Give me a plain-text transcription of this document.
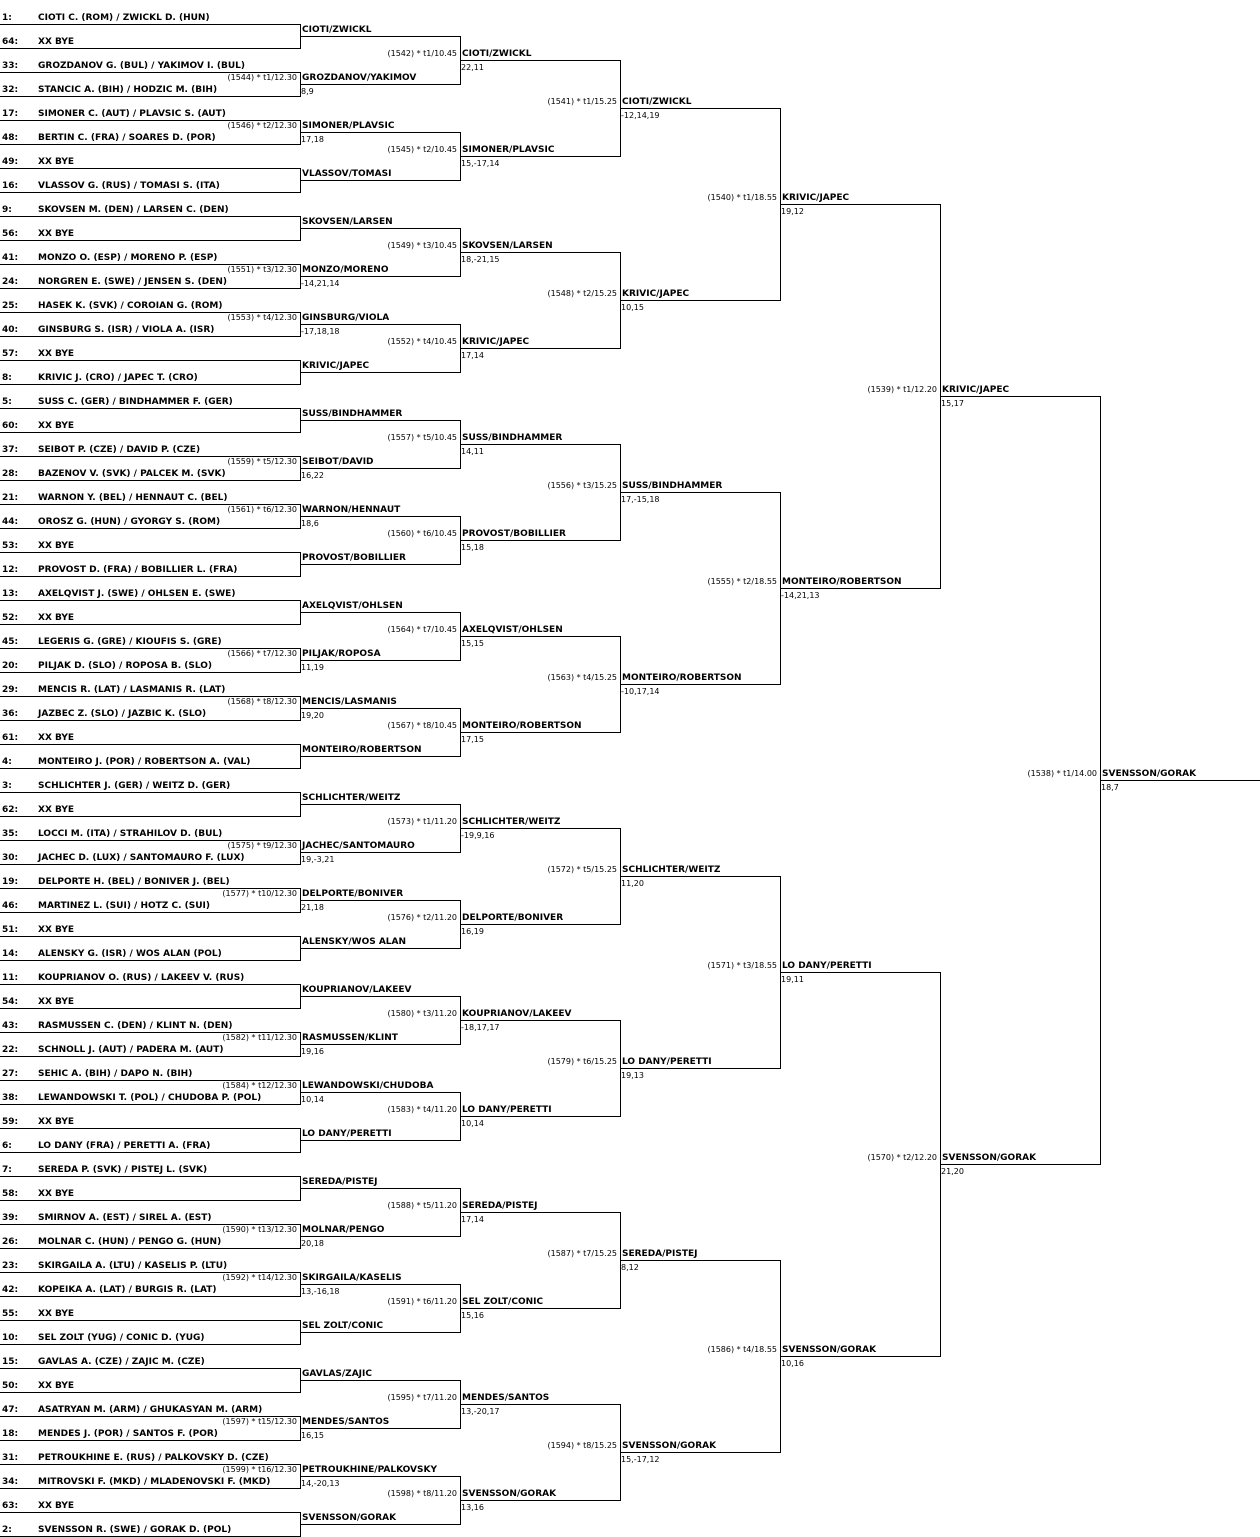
1:	CIOTI C. (ROM) / ZWICKL D. (HUN)
64: XX BYE
33: GROZDANOV G. (BUL) / YAKIMOV I. (BUL)
32: STANCIC A. (BIH) / HODZIC M. (BIH)
17: SIMONER C. (AUT) / PLAVSIC S. (AUT)
48: BERTIN C. (FRA) / SOARES D. (POR)
49: XX BYE
16: VLASSOV G. (RUS) / TOMASI S. (ITA)
9:	SKOVSEN M. (DEN) / LARSEN C. (DEN)
56: XX BYE
41: MONZO O. (ESP) / MORENO P. (ESP)
24: NORGREN E. (SWE) / JENSEN S. (DEN)
25: HASEK K. (SVK) / COROIAN G. (ROM)
40: GINSBURG S. (ISR) / VIOLA A. (ISR)
57: XX BYE
8:	KRIVIC J. (CRO) / JAPEC T. (CRO)
5:	SUSS C. (GER) / BINDHAMMER F. (GER)
60: XX BYE
37: SEIBOT P. (CZE) / DAVID P. (CZE)
28: BAZENOV V. (SVK) / PALCEK M. (SVK)
21: WARNON Y. (BEL) / HENNAUT C. (BEL)
44: OROSZ G. (HUN) / GYORGY S. (ROM)
53: XX BYE
12: PROVOST D. (FRA) / BOBILLIER L. (FRA)
13: AXELQVIST J. (SWE) / OHLSEN E. (SWE)
52: XX BYE
45: LEGERIS G. (GRE) / KIOUFIS S. (GRE)
20: PILJAK D. (SLO) / ROPOSA B. (SLO)
29: MENCIS R. (LAT) / LASMANIS R. (LAT)
36: JAZBEC Z. (SLO) / JAZBIC K. (SLO)
61: XX BYE
4:	MONTEIRO J. (POR) / ROBERTSON A. (VAL)
3:	SCHLICHTER J. (GER) / WEITZ D. (GER)
62: XX BYE
35: LOCCI M. (ITA) / STRAHILOV D. (BUL)
30: JACHEC D. (LUX) / SANTOMAURO F. (LUX)
19: DELPORTE H. (BEL) / BONIVER J. (BEL)
46: MARTINEZ L. (SUI) / HOTZ C. (SUI)
51: XX BYE
14: ALENSKY G. (ISR) / WOS ALAN (POL)
11: KOUPRIANOV O. (RUS) / LAKEEV V. (RUS)
54: XX BYE
43: RASMUSSEN C. (DEN) / KLINT N. (DEN)
22: SCHNOLL J. (AUT) / PADERA M. (AUT)
27: SEHIC A. (BIH) / DAPO N. (BIH)
38: LEWANDOWSKI T. (POL) / CHUDOBA P. (POL)
59: XX BYE
6:	LO DANY (FRA) / PERETTI A. (FRA)
7:	SEREDA P. (SVK) / PISTEJ L. (SVK)
58: XX BYE
39: SMIRNOV A. (EST) / SIREL A. (EST)
26: MOLNAR C. (HUN) / PENGO G. (HUN)
23: SKIRGAILA A. (LTU) / KASELIS P. (LTU)
42: KOPEIKA A. (LAT) / BURGIS R. (LAT)
55: XX BYE
10: SEL ZOLT (YUG) / CONIC D. (YUG)
15: GAVLAS A. (CZE) / ZAJIC M. (CZE)
50: XX BYE
47: ASATRYAN M. (ARM) / GHUKASYAN M. (ARM)
18: MENDES J. (POR) / SANTOS F. (POR)
31: PETROUKHINE E. (RUS) / PALKOVSKY D. (CZE)
34: MITROVSKI F. (MKD) / MLADENOVSKI F. (MKD)
63: XX BYE
2:	SVENSSON R. (SWE) / GORAK D. (POL)
CIOTI/ZWICKL
GROZDANOV/YAKIMOV
8,9
(1544) * t1/12.30
SIMONER/PLAVSIC
17,18
(1546) * t2/12.30
VLASSOV/TOMASI
SKOVSEN/LARSEN
MONZO/MORENO
-14,21,14
(1551) * t3/12.30
GINSBURG/VIOLA
-17,18,18
(1553) * t4/12.30
KRIVIC/JAPEC
SUSS/BINDHAMMER
SEIBOT/DAVID
16,22
(1559) * t5/12.30
WARNON/HENNAUT
18,6
(1561) * t6/12.30
PROVOST/BOBILLIER
AXELQVIST/OHLSEN
PILJAK/ROPOSA
11,19
(1566) * t7/12.30
MENCIS/LASMANIS
19,20
(1568) * t8/12.30
MONTEIRO/ROBERTSON
SCHLICHTER/WEITZ
JACHEC/SANTOMAURO
19,-3,21
(1575) * t9/12.30
DELPORTE/BONIVER
21,18
(1577) * t10/12.30
ALENSKY/WOS ALAN
KOUPRIANOV/LAKEEV
RASMUSSEN/KLINT
19,16
(1582) * t11/12.30
LEWANDOWSKI/CHUDOBA
10,14
(1584) * t12/12.30
LO DANY/PERETTI
SEREDA/PISTEJ
MOLNAR/PENGO
20,18
(1590) * t13/12.30
SKIRGAILA/KASELIS
13,-16,18
(1592) * t14/12.30
SEL ZOLT/CONIC
GAVLAS/ZAJIC
MENDES/SANTOS
16,15
(1597) * t15/12.30
PETROUKHINE/PALKOVSKY
14,-20,13
(1599) * t16/12.30
SVENSSON/GORAK
CIOTI/ZWICKL
22,11
(1542) * t1/10.45
SIMONER/PLAVSIC
15,-17,14
(1545) * t2/10.45
SKOVSEN/LARSEN
18,-21,15
(1549) * t3/10.45
KRIVIC/JAPEC
17,14
(1552) * t4/10.45
SUSS/BINDHAMMER
14,11
(1557) * t5/10.45
PROVOST/BOBILLIER
15,18
(1560) * t6/10.45
AXELQVIST/OHLSEN
15,15
(1564) * t7/10.45
MONTEIRO/ROBERTSON
17,15
(1567) * t8/10.45
SCHLICHTER/WEITZ
-19,9,16
(1573) * t1/11.20
DELPORTE/BONIVER
16,19
(1576) * t2/11.20
KOUPRIANOV/LAKEEV
-18,17,17
(1580) * t3/11.20
LO DANY/PERETTI
10,14
(1583) * t4/11.20
SEREDA/PISTEJ
17,14
(1588) * t5/11.20
SEL ZOLT/CONIC
15,16
(1591) * t6/11.20
MENDES/SANTOS
13,-20,17
(1595) * t7/11.20
SVENSSON/GORAK
13,16
(1598) * t8/11.20
CIOTI/ZWICKL
-12,14,19
(1541) * t1/15.25
KRIVIC/JAPEC
10,15
(1548) * t2/15.25
SUSS/BINDHAMMER
17,-15,18
(1556) * t3/15.25
MONTEIRO/ROBERTSON
-10,17,14
(1563) * t4/15.25
SCHLICHTER/WEITZ
11,20
(1572) * t5/15.25
LO DANY/PERETTI
19,13
(1579) * t6/15.25
SEREDA/PISTEJ
8,12
(1587) * t7/15.25
SVENSSON/GORAK
15,-17,12
(1594) * t8/15.25
KRIVIC/JAPEC
19,12
(1540) * t1/18.55
MONTEIRO/ROBERTSON
-14,21,13
(1555) * t2/18.55
LO DANY/PERETTI
19,11
(1571) * t3/18.55
SVENSSON/GORAK
10,16
(1586) * t4/18.55
KRIVIC/JAPEC
15,17
(1539) * t1/12.20
SVENSSON/GORAK
21,20
(1570) * t2/12.20
SVENSSON/GORAK
18,7
(1538) * t1/14.00
